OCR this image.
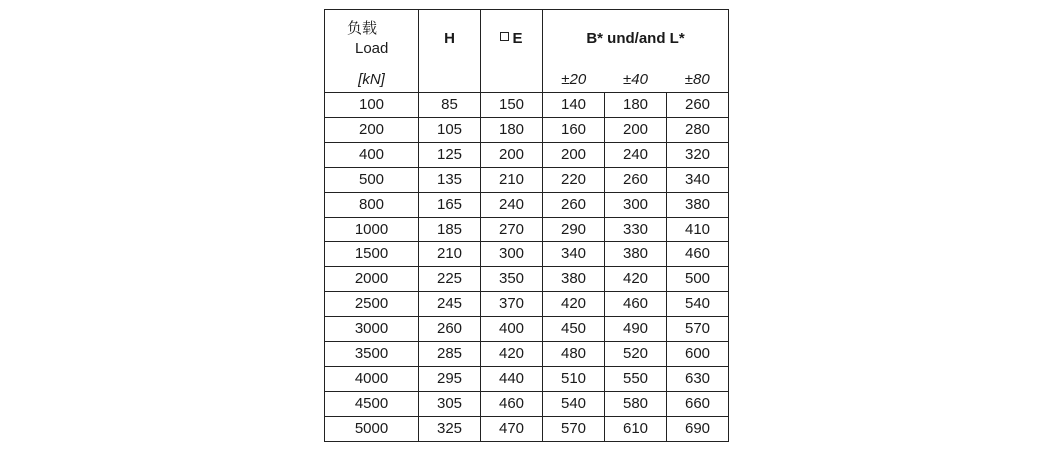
负载
Load	H	E	B* und/and L*		
[kN]			±20	±40	±80
100	85	150	140	180	260
200	105	180	160	200	280
400	125	200	200	240	320
500	135	210	220	260	340
800	165	240	260	300	380
1000	185	270	290	330	410
1500	210	300	340	380	460
2000	225	350	380	420	500
2500	245	370	420	460	540
3000	260	400	450	490	570
3500	285	420	480	520	600
4000	295	440	510	550	630
4500	305	460	540	580	660
5000	325	470	570	610	690
